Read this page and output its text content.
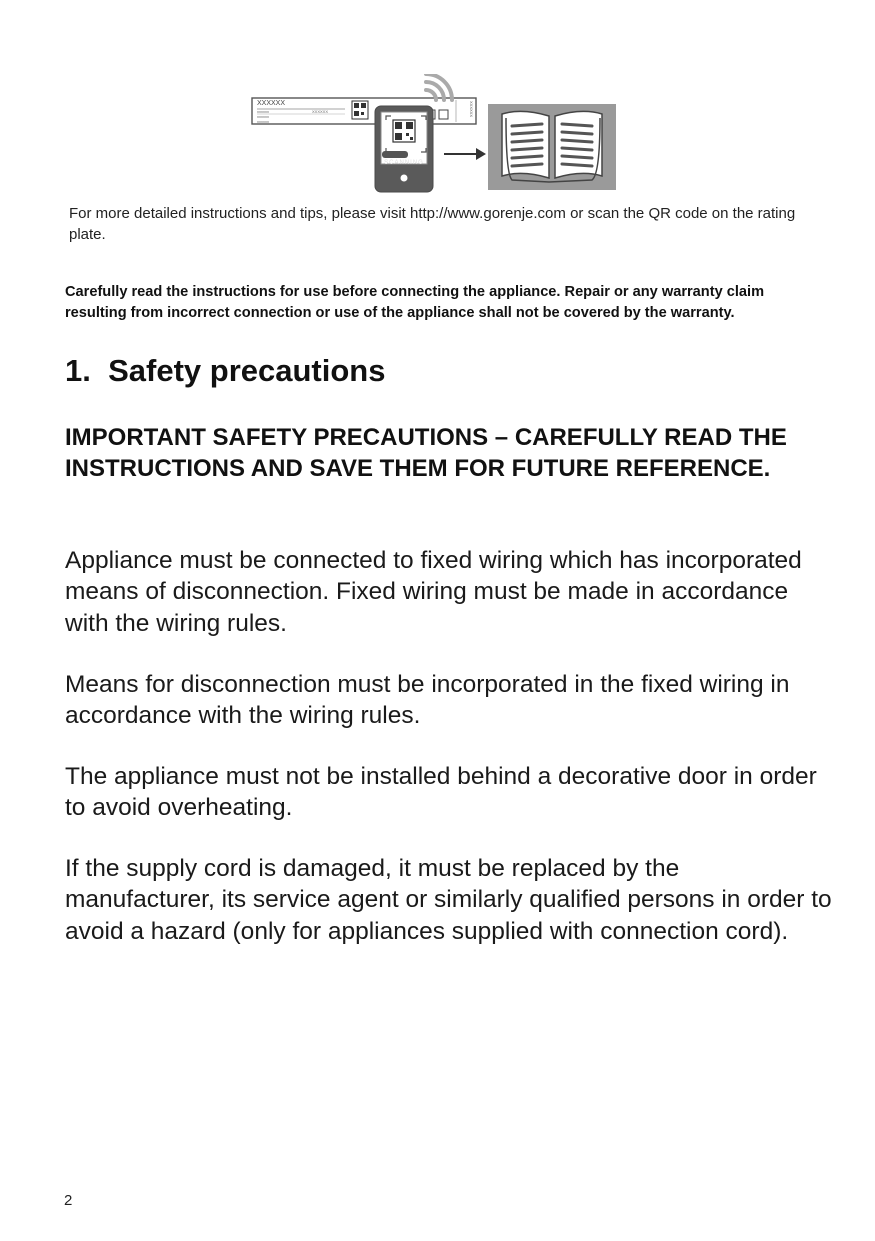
XXXXXX
xxxxxx	XXXXXX
xxxxxx
xxxxxx
XXXXXX
SCANNING

For more detailed instructions and tips, please visit http://www.gorenje.com or scan the QR code on the rating plate.

Carefully read the instructions for use before connecting the appliance. Repair or any warranty claim resulting from incorrect connection or use of the appliance shall not be covered by the warranty.

1. Safety precautions
IMPORTANT SAFETY PRECAUTIONS – CAREFULLY READ THE INSTRUCTIONS AND SAVE THEM FOR FUTURE REFERENCE.

Appliance must be connected to fixed wiring which has incorporated means of disconnection. Fixed wiring must be made in accordance with the wiring rules.

Means for disconnection must be incorporated in the fixed wiring in accordance with the wiring rules.

The appliance must not be installed behind a decorative door in order to avoid overheating.

If the supply cord is damaged, it must be replaced by the manufacturer, its service agent or similarly qualified persons in order to avoid a hazard (only for appliances supplied with connection cord).

2
